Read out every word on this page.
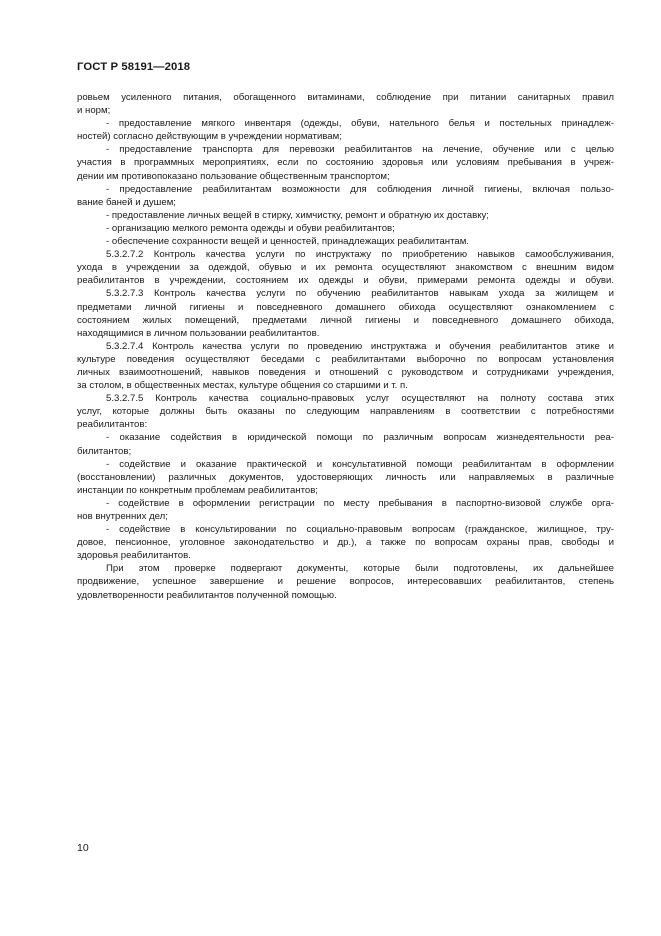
ГОСТ Р 58191—2018
ровьем усиленного питания, обогащенного витаминами, соблюдение при питании санитарных правил
и норм;
- предоставление мягкого инвентаря (одежды, обуви, нательного белья и постельных принадлеж-
ностей) согласно действующим в учреждении нормативам;
- предоставление транспорта для перевозки реабилитантов на лечение, обучение или с целью
участия в программных мероприятиях, если по состоянию здоровья или условиям пребывания в учреж-
дении им противопоказано пользование общественным транспортом;
- предоставление реабилитантам возможности для соблюдения личной гигиены, включая пользо-
вание баней и душем;
- предоставление личных вещей в стирку, химчистку, ремонт и обратную их доставку;
- организацию мелкого ремонта одежды и обуви реабилитантов;
- обеспечение сохранности вещей и ценностей, принадлежащих реабилитантам.
5.3.2.7.2 Контроль качества услуги по инструктажу по приобретению навыков самообслуживания,
ухода в учреждении за одеждой, обувью и их ремонта осуществляют знакомством с внешним видом
реабилитантов в учреждении, состоянием их одежды и обуви, примерами ремонта одежды и обуви.
5.3.2.7.3 Контроль качества услуги по обучению реабилитантов навыкам ухода за жилищем и
предметами личной гигиены и повседневного домашнего обихода осуществляют ознакомлением с
состоянием жилых помещений, предметами личной гигиены и повседневного домашнего обихода,
находящимися в личном пользовании реабилитантов.
5.3.2.7.4 Контроль качества услуги по проведению инструктажа и обучения реабилитантов этике и
культуре поведения осуществляют беседами с реабилитантами выборочно по вопросам установления
личных взаимоотношений, навыков поведения и отношений с руководством и сотрудниками учреждения,
за столом, в общественных местах, культуре общения со старшими и т. п.
5.3.2.7.5 Контроль качества социально-правовых услуг осуществляют на полноту состава этих
услуг, которые должны быть оказаны по следующим направлениям в соответствии с потребностями
реабилитантов:
- оказание содействия в юридической помощи по различным вопросам жизнедеятельности реа-
билитантов;
- содействие и оказание практической и консультативной помощи реабилитантам в оформлении
(восстановлении) различных документов, удостоверяющих личность или направляемых в различные
инстанции по конкретным проблемам реабилитантов;
- содействие в оформлении регистрации по месту пребывания в паспортно-визовой службе орга-
нов внутренних дел;
- содействие в консультировании по социально-правовым вопросам (гражданское, жилищное, тру-
довое, пенсионное, уголовное законодательство и др.), а также по вопросам охраны прав, свободы и
здоровья реабилитантов.
При этом проверке подвергают документы, которые были подготовлены, их дальнейшее
продвижение, успешное завершение и решение вопросов, интересовавших реабилитантов, степень
удовлетворенности реабилитантов полученной помощью.
10
